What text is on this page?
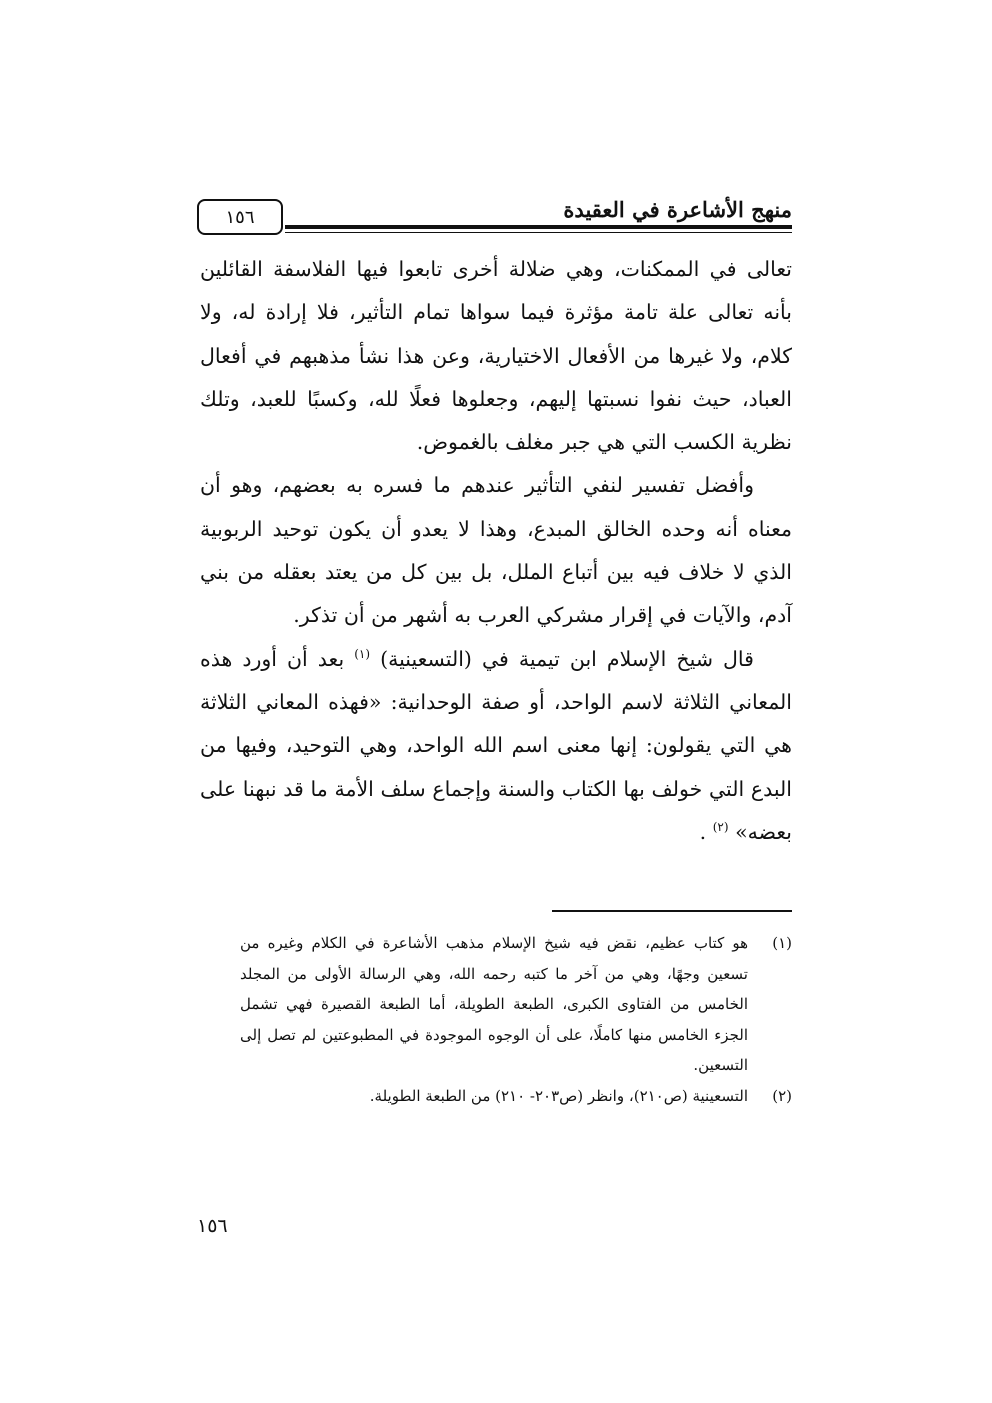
١٥٦	منهج الأشاعرة في العقيدة

تعالى في الممكنات، وهي ضلالة أخرى تابعوا فيها الفلاسفة القائلين بأنه تعالى علة تامة مؤثرة فيما سواها تمام التأثير، فلا إرادة له، ولا كلام، ولا غيرها من الأفعال الاختيارية، وعن هذا نشأ مذهبهم في أفعال العباد، حيث نفوا نسبتها إليهم، وجعلوها فعلًا لله، وكسبًا للعبد، وتلك نظرية الكسب التي هي جبر مغلف بالغموض.

وأفضل تفسير لنفي التأثير عندهم ما فسره به بعضهم، وهو أن معناه أنه وحده الخالق المبدع، وهذا لا يعدو أن يكون توحيد الربوبية الذي لا خلاف فيه بين أتباع الملل، بل بين كل من يعتد بعقله من بني آدم، والآيات في إقرار مشركي العرب به أشهر من أن تذكر.

قال شيخ الإسلام ابن تيمية في (التسعينية) $^{(١)}$ بعد أن أورد هذه المعاني الثلاثة لاسم الواحد، أو صفة الوحدانية: «فهذه المعاني الثلاثة هي التي يقولون: إنها معنى اسم الله الواحد، وهي التوحيد، وفيها من البدع التي خولف بها الكتاب والسنة وإجماع سلف الأمة ما قد نبهنا على بعضه» $^{(٢)}$ .

(١)
هو كتاب عظيم، نقض فيه شيخ الإسلام مذهب الأشاعرة في الكلام وغيره من تسعين وجهًا، وهي من آخر ما كتبه رحمه الله، وهي الرسالة الأولى من المجلد الخامس من الفتاوى الكبرى، الطبعة الطويلة، أما الطبعة القصيرة فهي تشمل الجزء الخامس منها كاملًا، على أن الوجوه الموجودة في المطبوعتين لم تصل إلى التسعين.
(٢)
التسعينية (ص٢١٠)، وانظر (ص٢٠٣- ٢١٠) من الطبعة الطويلة.
١٥٦
